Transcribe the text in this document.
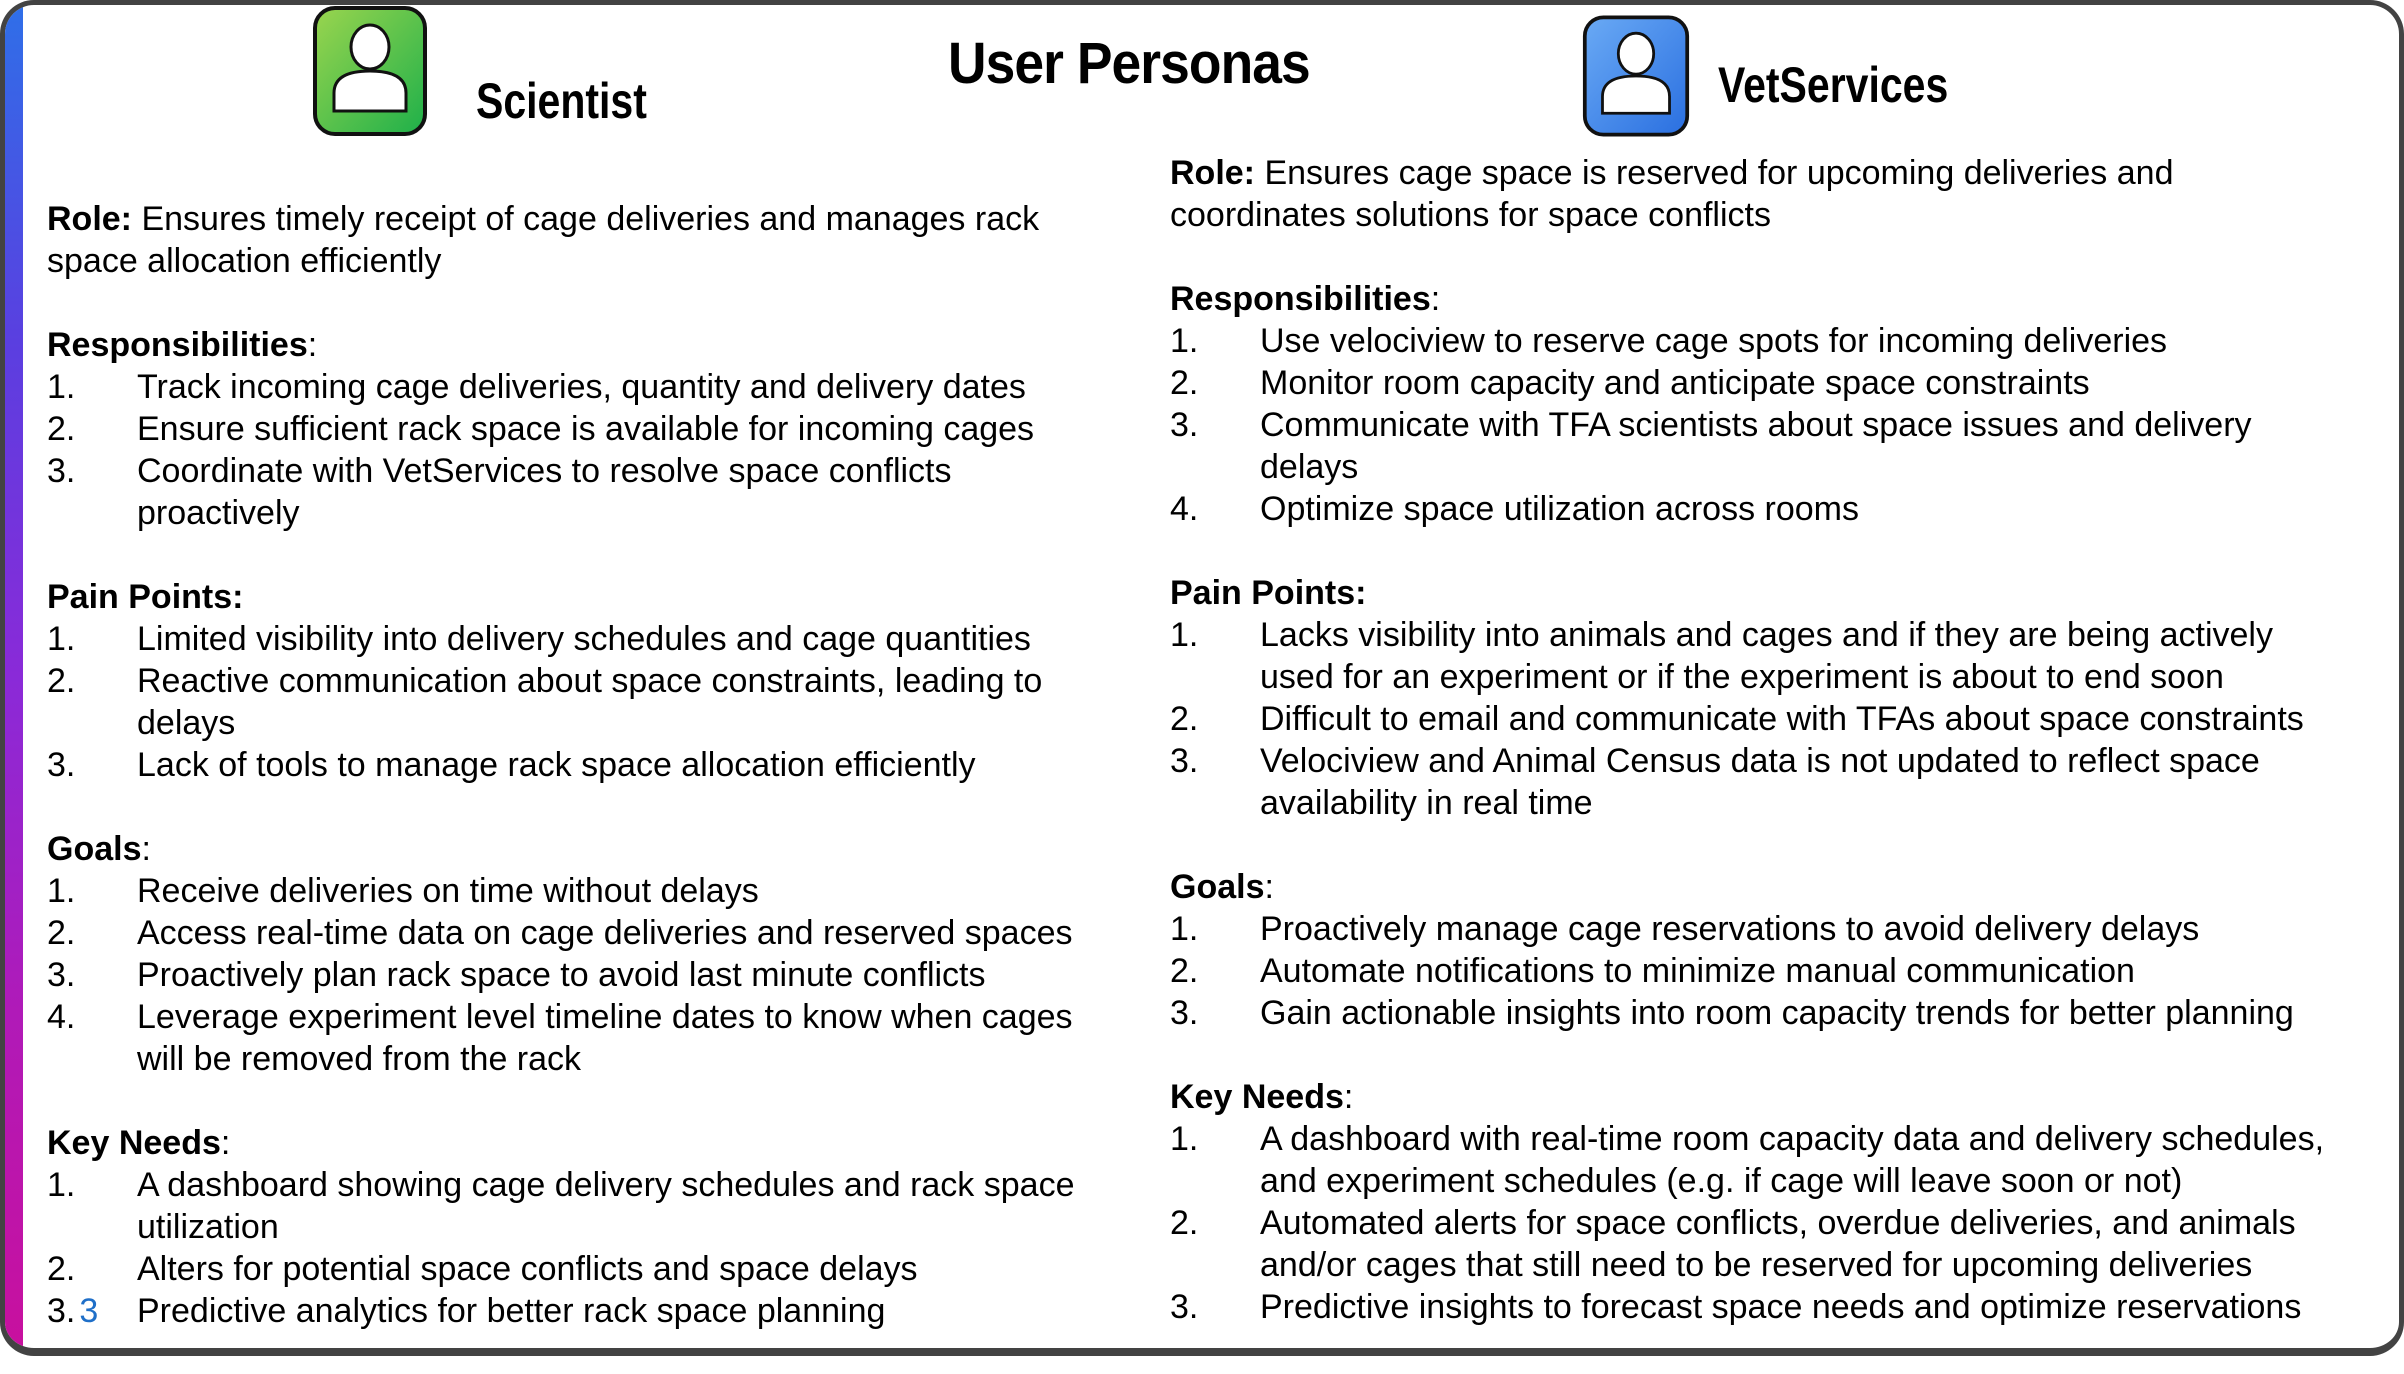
User Personas
Scientist	VetServices

Role: Ensures timely receipt of cage deliveries and manages rack space allocation efficiently

Responsibilities:

1.	Track incoming cage deliveries, quantity and delivery dates
2.	Ensure sufficient rack space is available for incoming cages
3.	Coordinate with VetServices to resolve space conflicts proactively

Pain Points:

1.	Limited visibility into delivery schedules and cage quantities
2.	Reactive communication about space constraints, leading to delays
3.	Lack of tools to manage rack space allocation efficiently

Goals:

1.	Receive deliveries on time without delays
2.	Access real-time data on cage deliveries and reserved spaces
3.	Proactively plan rack space to avoid last minute conflicts
4.	Leverage experiment level timeline dates to know when cages will be removed from the rack

Key Needs:

1.	A dashboard showing cage delivery schedules and rack space utilization
2.	Alters for potential space conflicts and space delays
3. 3	Predictive analytics for better rack space planning

Role: Ensures cage space is reserved for upcoming deliveries and coordinates solutions for space conflicts

Responsibilities:

1.	Use velociview to reserve cage spots for incoming deliveries
2.	Monitor room capacity and anticipate space constraints
3.	Communicate with TFA scientists about space issues and delivery delays
4.	Optimize space utilization across rooms

Pain Points:

1.	Lacks visibility into animals and cages and if they are being actively used for an experiment or if the experiment is about to end soon
2.	Difficult to email and communicate with TFAs about space constraints
3.	Velociview and Animal Census data is not updated to reflect space availability in real time

Goals:

1.	Proactively manage cage reservations to avoid delivery delays
2.	Automate notifications to minimize manual communication
3.	Gain actionable insights into room capacity trends for better planning

Key Needs:

1.	A dashboard with real-time room capacity data and delivery schedules, and experiment schedules (e.g. if cage will leave soon or not)
2.	Automated alerts for space conflicts, overdue deliveries, and animals and/or cages that still need to be reserved for upcoming deliveries
3.	Predictive insights to forecast space needs and optimize reservations
